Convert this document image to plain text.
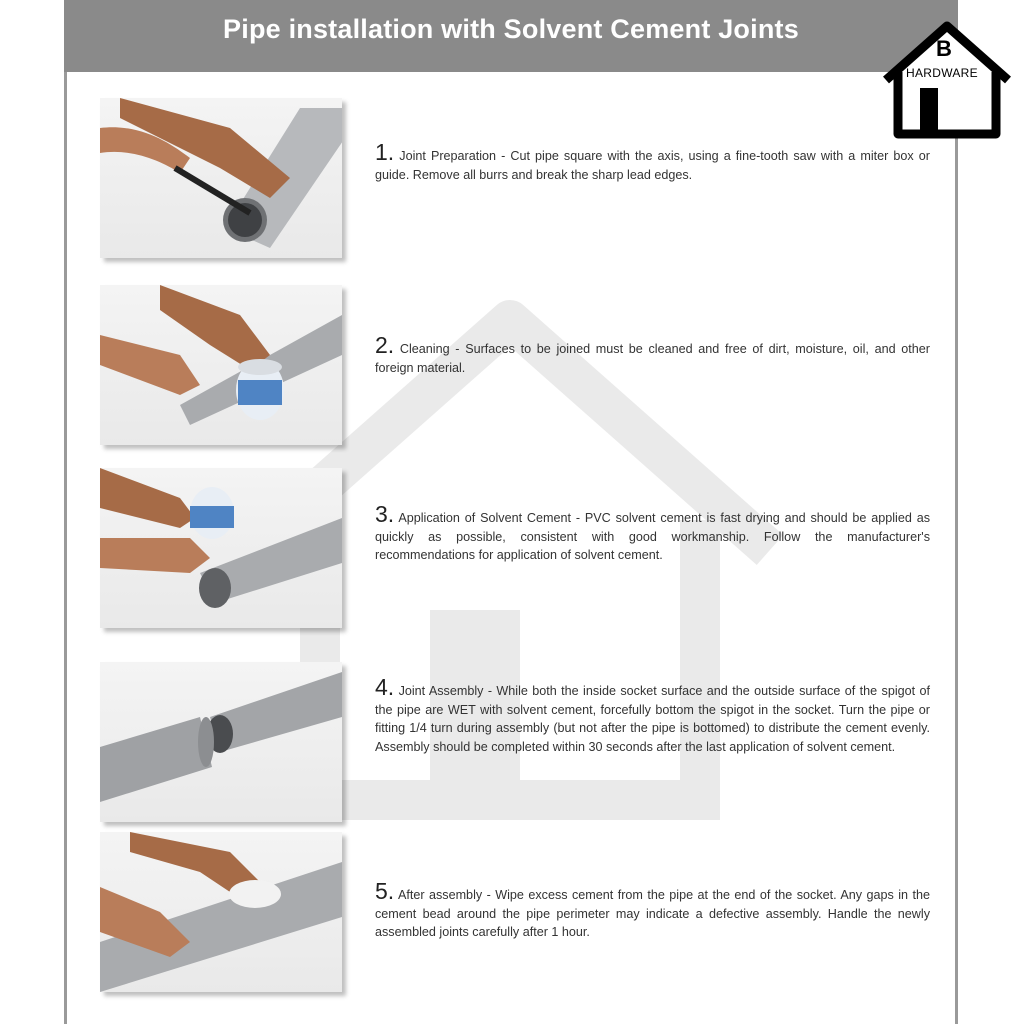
Pipe installation with Solvent Cement Joints
1. Joint Preparation - Cut pipe square with the axis, using a fine-tooth saw with a miter box or guide. Remove all burrs and break the sharp lead edges.
2. Cleaning - Surfaces to be joined must be cleaned and free of dirt, moisture, oil, and other foreign material.
3. Application of Solvent Cement - PVC solvent cement is fast drying and should be applied as quickly as possible, consistent with good workmanship. Follow the manufacturer's recommendations for application of solvent cement.
4. Joint Assembly - While both the inside socket surface and the outside surface of the spigot of the pipe are WET with solvent cement, forcefully bottom the spigot in the socket. Turn the pipe or fitting 1/4 turn during assembly (but not after the pipe is bottomed) to distribute the cement evenly. Assembly should be completed within 30 seconds after the last application of solvent cement.
5. After assembly - Wipe excess cement from the pipe at the end of the socket. Any gaps in the cement bead around the pipe perimeter may indicate a defective assembly. Handle the newly assembled joints carefully after 1 hour.
B
HARDWARE
